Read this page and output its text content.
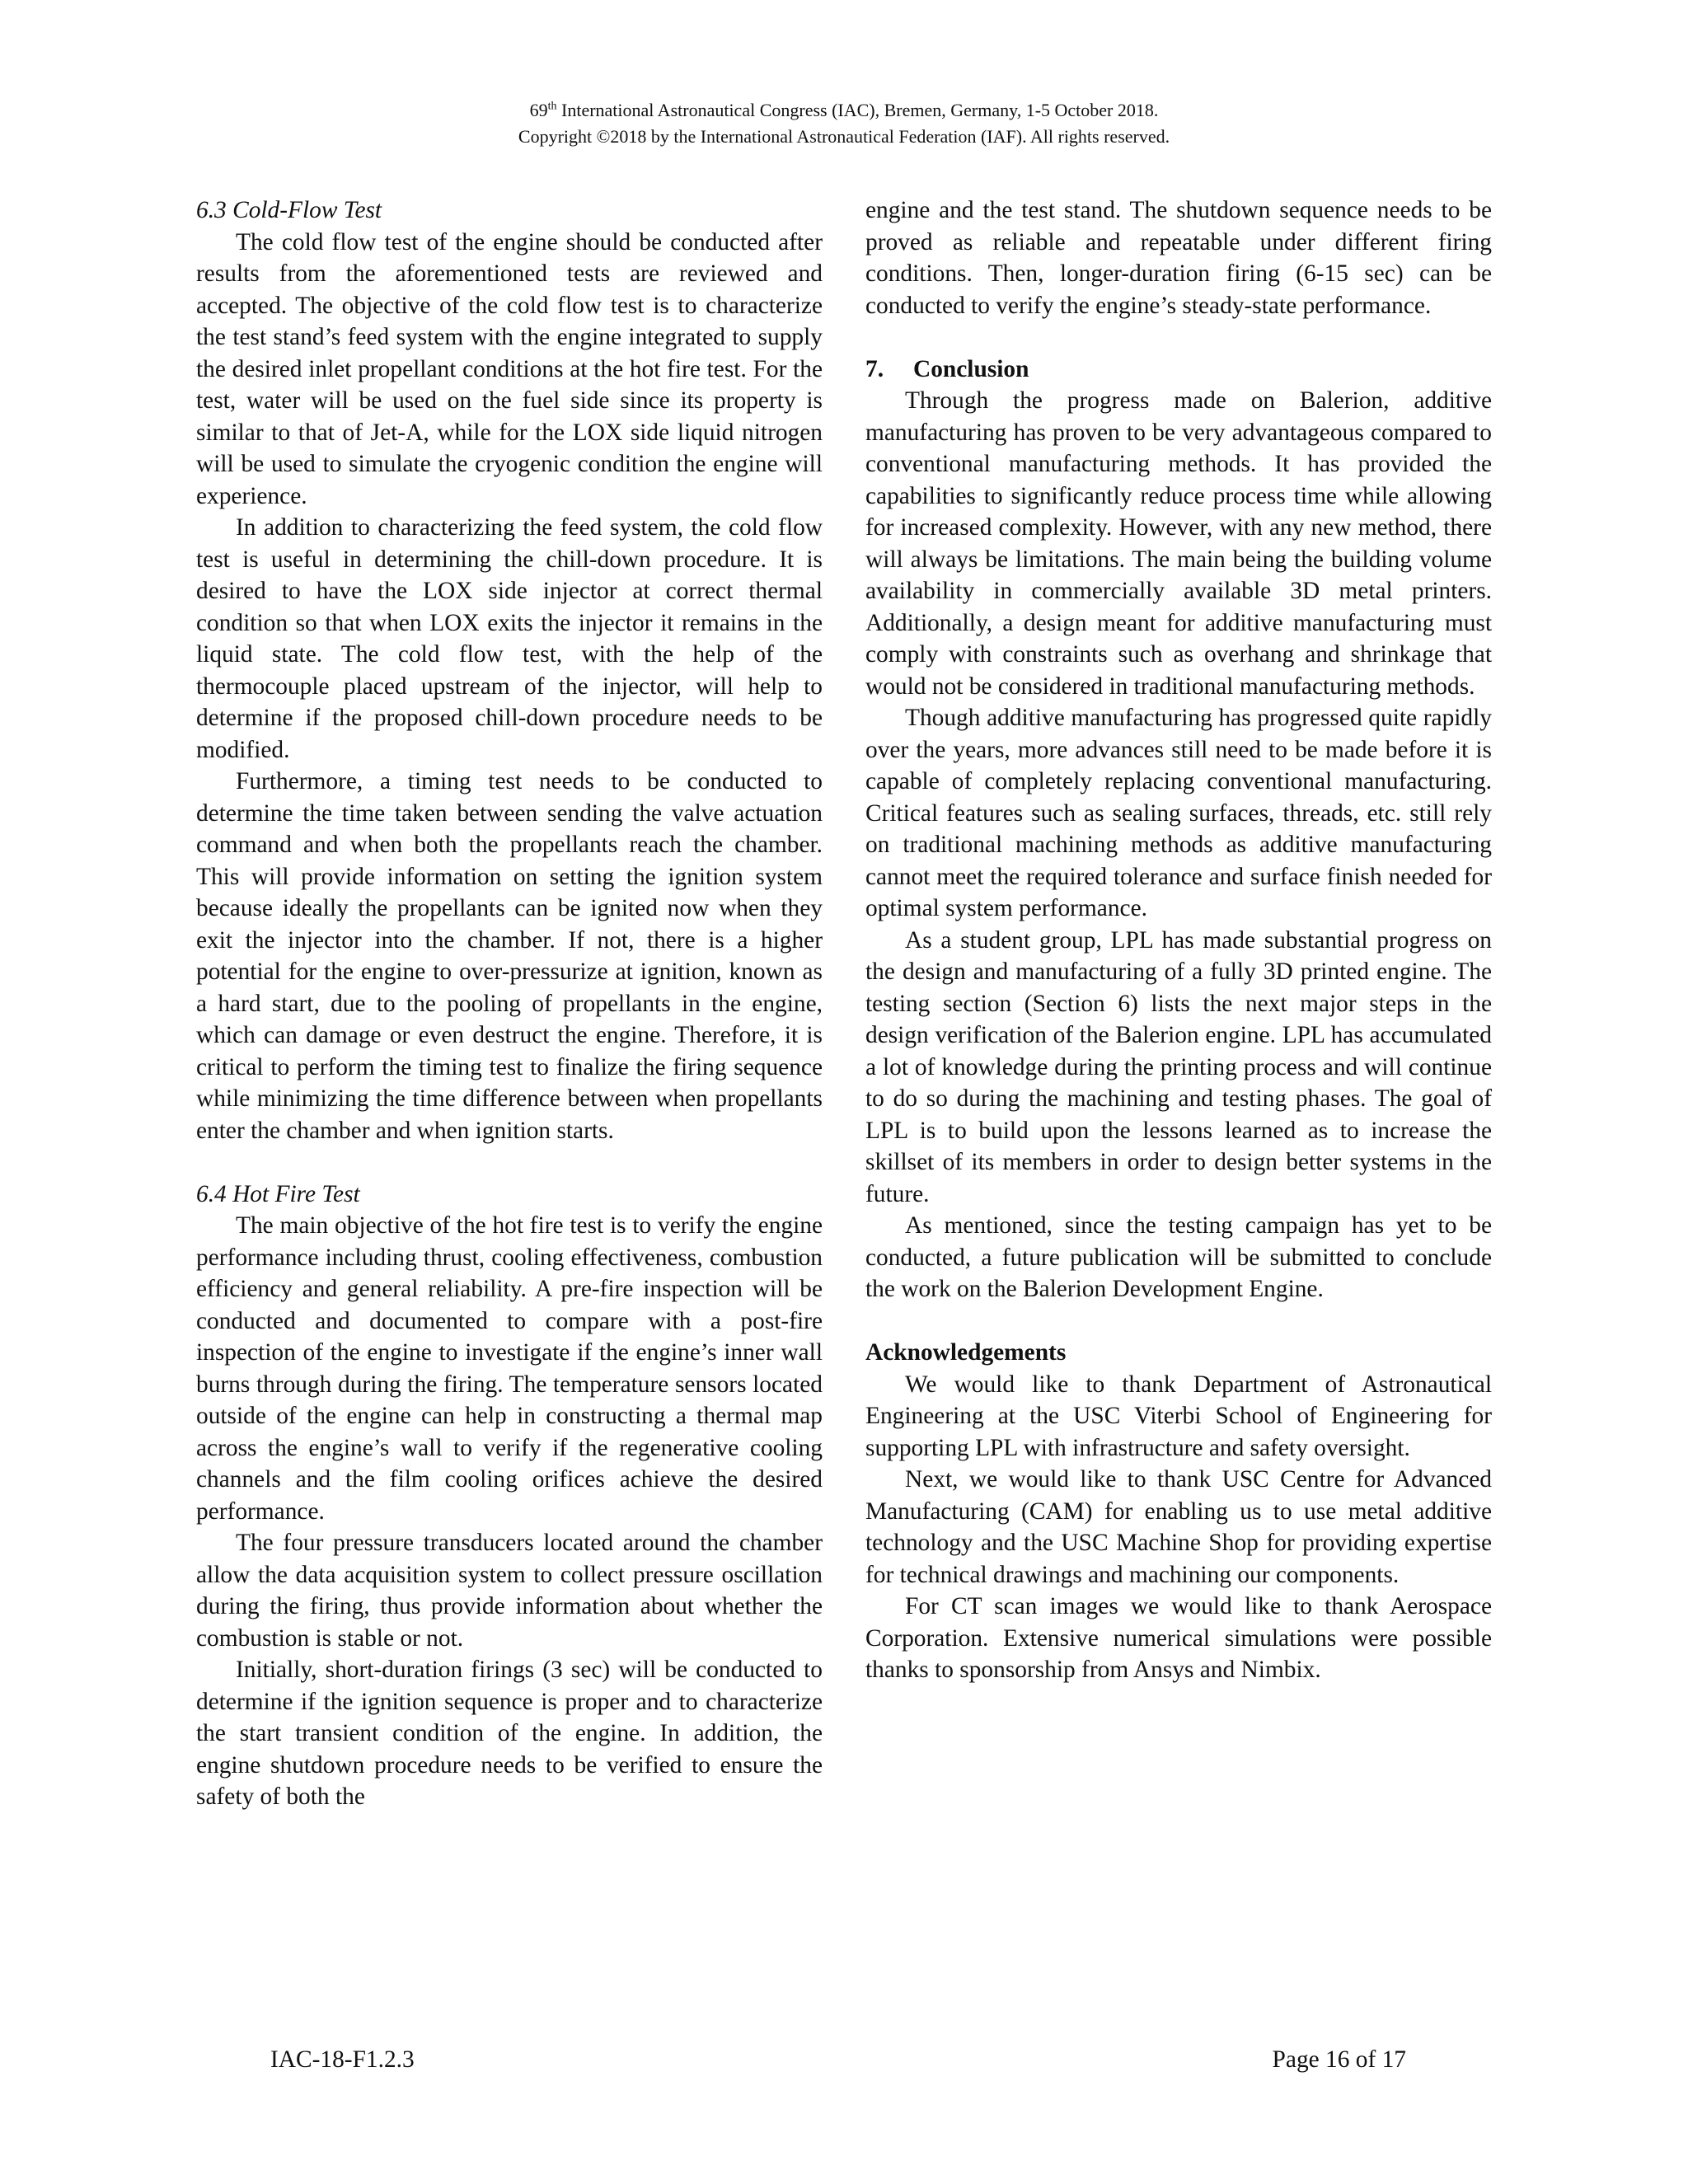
69th International Astronautical Congress (IAC), Bremen, Germany, 1-5 October 2018.
Copyright ©2018 by the International Astronautical Federation (IAF). All rights reserved.
6.3 Cold-Flow Test

The cold flow test of the engine should be conducted after results from the aforementioned tests are reviewed and accepted. The objective of the cold flow test is to characterize the test stand’s feed system with the engine integrated to supply the desired inlet propellant conditions at the hot fire test. For the test, water will be used on the fuel side since its property is similar to that of Jet-A, while for the LOX side liquid nitrogen will be used to simulate the cryogenic condition the engine will experience.

In addition to characterizing the feed system, the cold flow test is useful in determining the chill-down procedure. It is desired to have the LOX side injector at correct thermal condition so that when LOX exits the injector it remains in the liquid state. The cold flow test, with the help of the thermocouple placed upstream of the injector, will help to determine if the proposed chill-down procedure needs to be modified.

Furthermore, a timing test needs to be conducted to determine the time taken between sending the valve actuation command and when both the propellants reach the chamber. This will provide information on setting the ignition system because ideally the propellants can be ignited now when they exit the injector into the chamber. If not, there is a higher potential for the engine to over-pressurize at ignition, known as a hard start, due to the pooling of propellants in the engine, which can damage or even destruct the engine. Therefore, it is critical to perform the timing test to finalize the firing sequence while minimizing the time difference between when propellants enter the chamber and when ignition starts.

6.4 Hot Fire Test

The main objective of the hot fire test is to verify the engine performance including thrust, cooling effectiveness, combustion efficiency and general reliability. A pre-fire inspection will be conducted and documented to compare with a post-fire inspection of the engine to investigate if the engine’s inner wall burns through during the firing. The temperature sensors located outside of the engine can help in constructing a thermal map across the engine’s wall to verify if the regenerative cooling channels and the film cooling orifices achieve the desired performance.

The four pressure transducers located around the chamber allow the data acquisition system to collect pressure oscillation during the firing, thus provide information about whether the combustion is stable or not.

Initially, short-duration firings (3 sec) will be conducted to determine if the ignition sequence is proper and to characterize the start transient condition of the engine. In addition, the engine shutdown procedure needs to be verified to ensure the safety of both the

engine and the test stand. The shutdown sequence needs to be proved as reliable and repeatable under different firing conditions. Then, longer-duration firing (6-15 sec) can be conducted to verify the engine’s steady-state performance.

7. Conclusion

Through the progress made on Balerion, additive manufacturing has proven to be very advantageous compared to conventional manufacturing methods. It has provided the capabilities to significantly reduce process time while allowing for increased complexity. However, with any new method, there will always be limitations. The main being the building volume availability in commercially available 3D metal printers. Additionally, a design meant for additive manufacturing must comply with constraints such as overhang and shrinkage that would not be considered in traditional manufacturing methods.

Though additive manufacturing has progressed quite rapidly over the years, more advances still need to be made before it is capable of completely replacing conventional manufacturing. Critical features such as sealing surfaces, threads, etc. still rely on traditional machining methods as additive manufacturing cannot meet the required tolerance and surface finish needed for optimal system performance.

As a student group, LPL has made substantial progress on the design and manufacturing of a fully 3D printed engine. The testing section (Section 6) lists the next major steps in the design verification of the Balerion engine. LPL has accumulated a lot of knowledge during the printing process and will continue to do so during the machining and testing phases. The goal of LPL is to build upon the lessons learned as to increase the skillset of its members in order to design better systems in the future.

As mentioned, since the testing campaign has yet to be conducted, a future publication will be submitted to conclude the work on the Balerion Development Engine.

Acknowledgements

We would like to thank Department of Astronautical Engineering at the USC Viterbi School of Engineering for supporting LPL with infrastructure and safety oversight.

Next, we would like to thank USC Centre for Advanced Manufacturing (CAM) for enabling us to use metal additive technology and the USC Machine Shop for providing expertise for technical drawings and machining our components.

For CT scan images we would like to thank Aerospace Corporation. Extensive numerical simulations were possible thanks to sponsorship from Ansys and Nimbix.

IAC-18-F1.2.3	Page 16 of 17
